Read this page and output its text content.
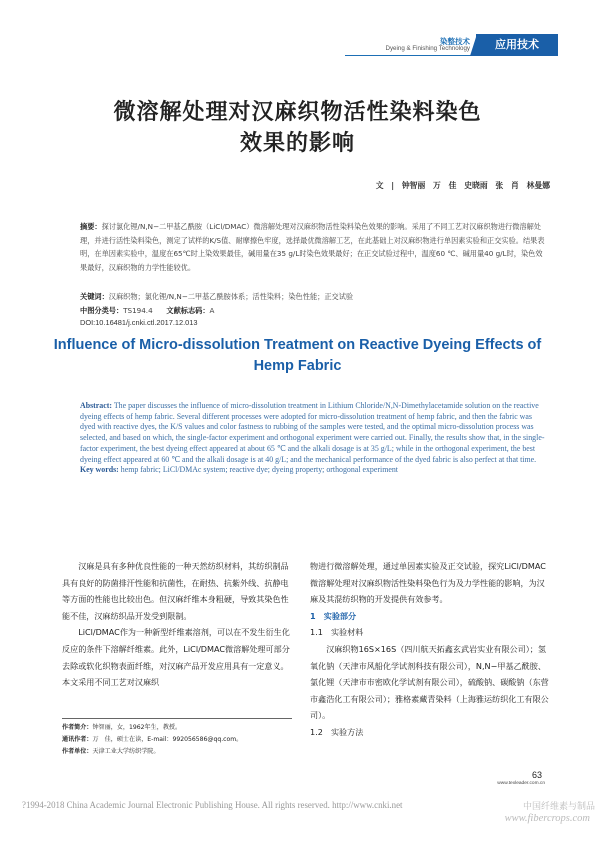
染整技术
Dyeing & Finishing Technology	应用技术
微溶解处理对汉麻织物活性染料染色
效果的影响
文 | 钟智丽　万　佳　史晓雨　张　肖　林曼娜
摘要：探讨氯化锂/N,N−二甲基乙酰胺（LiCl/DMAC）微溶解处理对汉麻织物活性染料染色效果的影响。采用了不同工艺对汉麻织物进行微溶解处理，并进行活性染料染色，测定了试样的K/S值、耐摩擦色牢度，选择最优微溶解工艺，在此基础上对汉麻织物进行单因素实验和正交实验。结果表明，在单因素实验中，温度在65℃时上染效果最佳，碱用量在35 g/L时染色效果最好；在正交试验过程中，温度60 ℃、碱用量40 g/L时，染色效果最好，汉麻织物的力学性能较优。
关键词：汉麻织物；氯化锂/N,N−二甲基乙酰胺体系；活性染料；染色性能；正交试验
中图分类号：TS194.4 文献标志码：A
DOI:10.16481/j.cnki.ctl.2017.12.013
Influence of Micro-dissolution Treatment on Reactive Dyeing Effects of
Hemp Fabric
Abstract: The paper discusses the influence of micro-dissolution treatment in Lithium Chloride/N,N-Dimethylacetamide solution on the reactive dyeing effects of hemp fabric. Several different processes were adopted for micro-dissolution treatment of hemp fabric, and then the fabric was dyed with reactive dyes, the K/S values and color fastness to rubbing of the samples were tested, and the optimal micro-dissolution process was selected, and based on which, the single-factor experiment and orthogonal experiment were carried out. Finally, the results show that, in the single-factor experiment, the best dyeing effect appeared at about 65 ℃ and the alkali dosage is at 35 g/L; while in the orthogonal experiment, the best dyeing effect appeared at 60 ℃ and the alkali dosage is at 40 g/L; and the mechanical performance of the dyed fabric is also perfect at that time.
Key words: hemp fabric; LiCl/DMAc system; reactive dye; dyeing property; orthogonal experiment

汉麻是具有多种优良性能的一种天然纺织材料，其纺织制品具有良好的防菌排汗性能和抗菌性，在耐热、抗紫外线、抗静电等方面的性能也比较出色。但汉麻纤维本身粗硬，导致其染色性能不佳，汉麻纺织品开发受到限制。

LiCl/DMAC作为一种新型纤维素溶剂，可以在不发生衍生化反应的条件下溶解纤维素。此外，LiCl/DMAC微溶解处理可部分去除或软化织物表面纤维，对汉麻产品开发应用具有一定意义。本文采用不同工艺对汉麻织

物进行微溶解处理，通过单因素实验及正交试验，探究LiCl/DMAC微溶解处理对汉麻织物活性染料染色行为及力学性能的影响，为汉麻及其混纺织物的开发提供有效参考。

1　实验部分

1.1　实验材料

汉麻织物16S×16S（四川航天拓鑫玄武岩实业有限公司）；氢氧化钠（天津市风船化学试剂科技有限公司），N,N−甲基乙酰胺、氯化锂（天津市市密欧化学试剂有限公司），硫酸钠、碳酸钠（东营市鑫浩化工有限公司）；雅格素藏青染料（上海雅运纺织化工有限公司）。

1.2　实验方法

作者简介：钟智丽，女，1962年生，教授。
通讯作者：万　佳，硕士在读，E-mail：992056586@qq.com。
作者单位：天津工业大学纺织学院。
63
www.texleader.com.cn
?1994-2018 China Academic Journal Electronic Publishing House. All rights reserved. http://www.cnki.net	中国纤维素与制品
www.fibercrops.com
